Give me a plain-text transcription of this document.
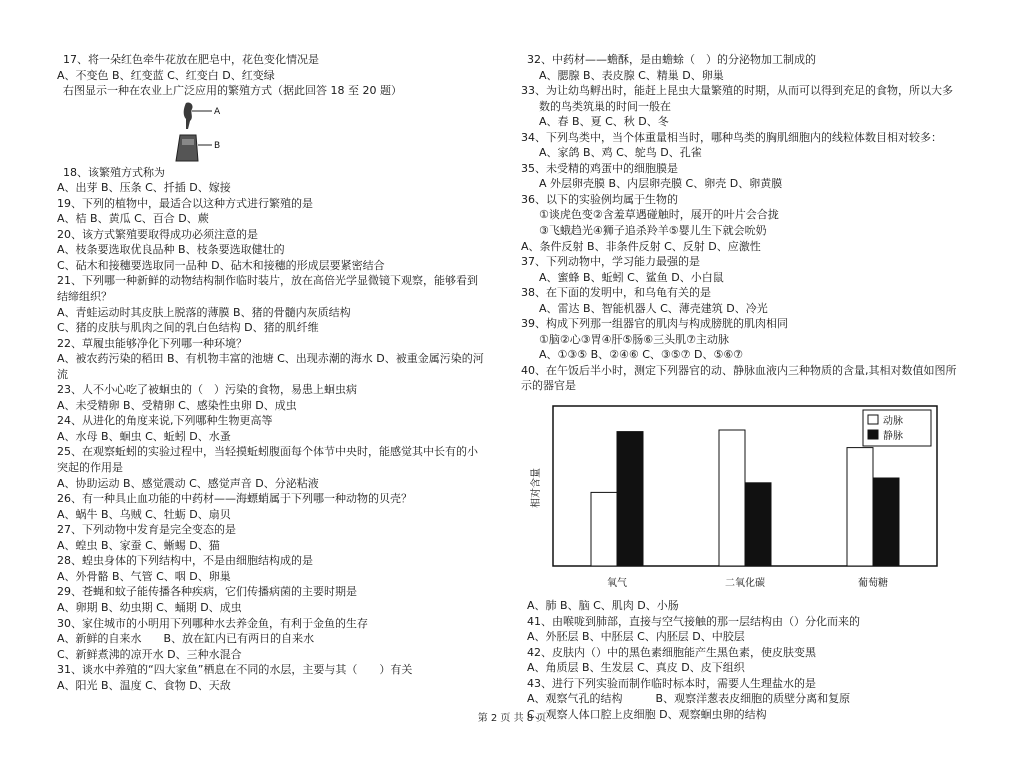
17、将一朵红色牵牛花放在肥皂中，花色变化情况是
A、不变色 B、红变蓝 C、红变白 D、红变绿
右图显示一种在农业上广泛应用的繁殖方式（据此回答 18 至 20 题）
A
B
18、该繁殖方式称为
A、出芽 B、压条 C、扦插 D、嫁接
19、下列的植物中，最适合以这种方式进行繁殖的是
A、桔 B、黄瓜 C、百合 D、蕨
20、该方式繁殖要取得成功必须注意的是
A、枝条要选取优良品种 B、枝条要选取健壮的
C、砧木和接穗要选取同一品种 D、砧木和接穗的形成层要紧密结合
21、下列哪一种新鲜的动物结构制作临时装片，放在高倍光学显微镜下观察，能够看到
结缔组织？
A、青蛙运动时其皮肤上脱落的薄膜 B、猪的骨髓内灰质结构
C、猪的皮肤与肌肉之间的乳白色结构 D、猪的肌纤维
22、草履虫能够净化下列哪一种环境？
A、被农药污染的稻田 B、有机物丰富的池塘 C、出现赤潮的海水 D、被重金属污染的河
流
23、人不小心吃了被蛔虫的（　）污染的食物，易患上蛔虫病
A、未受精卵 B、受精卵 C、感染性虫卵 D、成虫
24、从进化的角度来说,下列哪种生物更高等
A、水母 B、蛔虫 C、蚯蚓 D、水蚤
25、在观察蚯蚓的实验过程中，当轻摸蚯蚓腹面每个体节中央时，能感觉其中长有的小
突起的作用是
A、协助运动 B、感觉震动 C、感觉声音 D、分泌粘液
26、有一种具止血功能的中药材——海螵蛸属于下列哪一种动物的贝壳？
A、蜗牛 B、乌贼 C、牡蛎 D、扇贝
27、下列动物中发育是完全变态的是
A、蝗虫 B、家蚕 C、蜥蜴 D、猫
28、蝗虫身体的下列结构中，不是由细胞结构成的是
A、外骨骼 B、气管 C、咽 D、卵巢
29、苍蝇和蚊子能传播各种疾病，它们传播病菌的主要时期是
A、卵期 B、幼虫期 C、蛹期 D、成虫
30、家住城市的小明用下列哪种水去养金鱼，有利于金鱼的生存
A、新鲜的自来水　　B、放在缸内已有两日的自来水
C、新鲜煮沸的凉开水 D、三种水混合
31、谈水中养殖的“四大家鱼”栖息在不同的水层，主要与其（　　）有关
A、阳光 B、温度 C、食物 D、天敌
32、中药材——蟾酥，是由蟾蜍（　）的分泌物加工制成的
A、腮腺 B、表皮腺 C、精巢 D、卵巢
33、为让幼鸟孵出时，能赶上昆虫大量繁殖的时期，从而可以得到充足的食物，所以大多
数的鸟类筑巢的时间一般在
A、春 B、夏 C、秋 D、冬
34、下列鸟类中，当个体重量相当时，哪种鸟类的胸肌细胞内的线粒体数目相对较多：
A、家鸽 B、鸡 C、鸵鸟 D、孔雀
35、未受精的鸡蛋中的细胞膜是
A 外层卵壳膜 B、内层卵壳膜 C、卵壳 D、卵黄膜
36、以下的实验例均属于生物的
①谈虎色变②含羞草遇碰触时，展开的叶片会合拢
③飞蛾趋光④狮子追杀羚羊⑤婴儿生下就会吮奶
A、条件反射 B、非条件反射 C、反射 D、应激性
37、下列动物中，学习能力最强的是
A、蜜蜂 B、蚯蚓 C、鲨鱼 D、小白鼠
38、在下面的发明中，和乌龟有关的是
A、雷达 B、智能机器人 C、薄壳建筑 D、冷光
39、构成下列那一组器官的肌肉与构成膀胱的肌肉相同
①脑②心③胃④肝⑤肠⑥三头肌⑦主动脉
A、①③⑤ B、②④⑥ C、③⑤⑦ D、⑤⑥⑦
40、在午饭后半小时，测定下列器官的动、静脉血液内三种物质的含量,其相对数值如图所
示的器官是
氧气	二氧化碳	葡萄糖
相对含量
动脉
静脉
A、肺 B、脑 C、肌肉 D、小肠
41、由喉咙到肺部，直接与空气接触的那一层结构由（）分化而来的
A、外胚层 B、中胚层 C、内胚层 D、中胶层
42、皮肤内（）中的黑色素细胞能产生黑色素，使皮肤变黑
A、角质层 B、生发层 C、真皮 D、皮下组织
43、进行下列实验而制作临时标本时，需要人生理盐水的是
A、观察气孔的结构　　　B、观察洋葱表皮细胞的质壁分离和复原
C、观察人体口腔上皮细胞 D、观察蛔虫卵的结构
第 2 页 共 8 页
